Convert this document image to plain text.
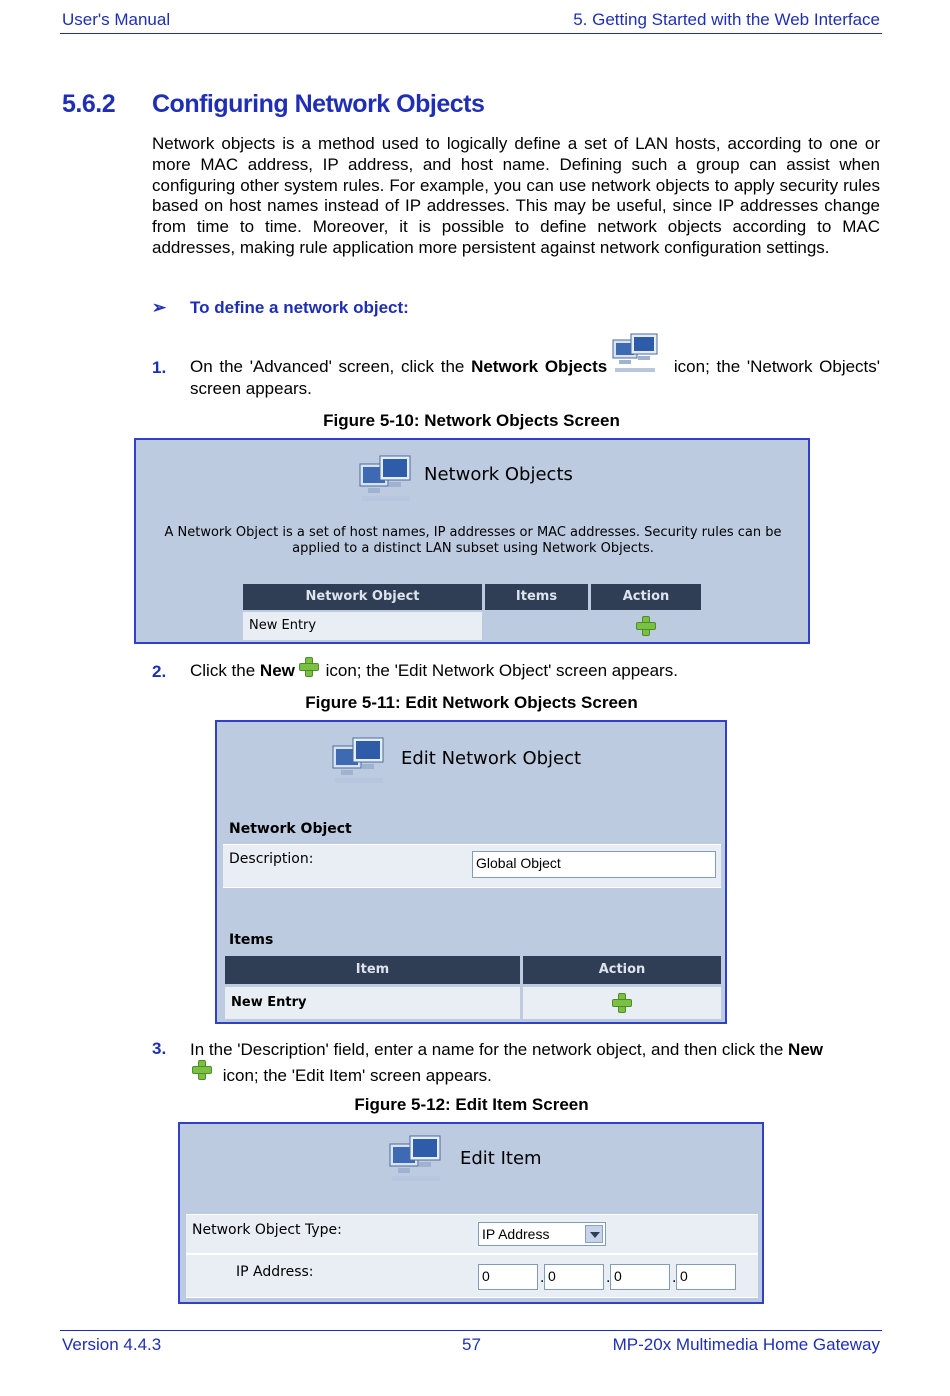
User's Manual	5. Getting Started with the Web Interface
5.6.2 Configuring Network Objects
Network objects is a method used to logically define a set of LAN hosts, according to one or more MAC address, IP address, and host name. Defining such a group can assist when configuring other system rules. For example, you can use network objects to apply security rules based on host names instead of IP addresses. This may be useful, since IP addresses change from time to time. Moreover, it is possible to define network objects according to MAC addresses, making rule application more persistent against network configuration settings.
➢ To define a network object:
1. On the 'Advanced' screen, click the Network Objects	icon; the 'Network Objects' screen appears.
Figure 5-10: Network Objects Screen
Network Objects
A Network Object is a set of host names, IP addresses or MAC addresses. Security rules can be applied to a distinct LAN subset using Network Objects.
Network Object	Items	Action
New Entry
2. Click the New
icon; the 'Edit Network Object' screen appears.
Figure 5-11: Edit Network Objects Screen
Edit Network Object
Network Object
Description:	Global Object
Items
Item	Action
New Entry
3. In the 'Description' field, enter a name for the network object, and then click the New

icon; the 'Edit Item' screen appears.
Figure 5-12: Edit Item Screen
Edit Item
Network Object Type:	IP Address
IP Address:	0	. 0	. 0	. 0
Version 4.4.3	57	MP-20x Multimedia Home Gateway
